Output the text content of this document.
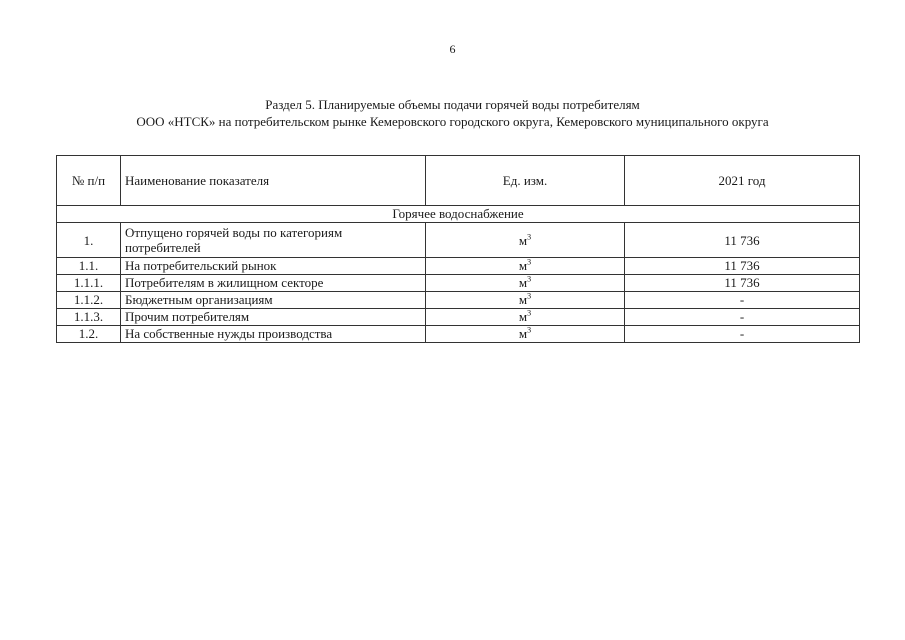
6
Раздел 5. Планируемые объемы подачи горячей воды потребителям
ООО «НТСК» на потребительском рынке Кемеровского городского округа, Кемеровского муниципального округа
№ п/п	Наименование показателя	Ед. изм.	2021 год
Горячее водоснабжение			
1.	Отпущено горячей воды по категориям потребителей	$м^3$	11 736
1.1.	На потребительский рынок	$м^3$	11 736
1.1.1.	Потребителям в жилищном секторе	$м^3$	11 736
1.1.2.	Бюджетным организациям	$м^3$	-
1.1.3.	Прочим потребителям	$м^3$	-
1.2.	На собственные нужды производства	$м^3$	-
